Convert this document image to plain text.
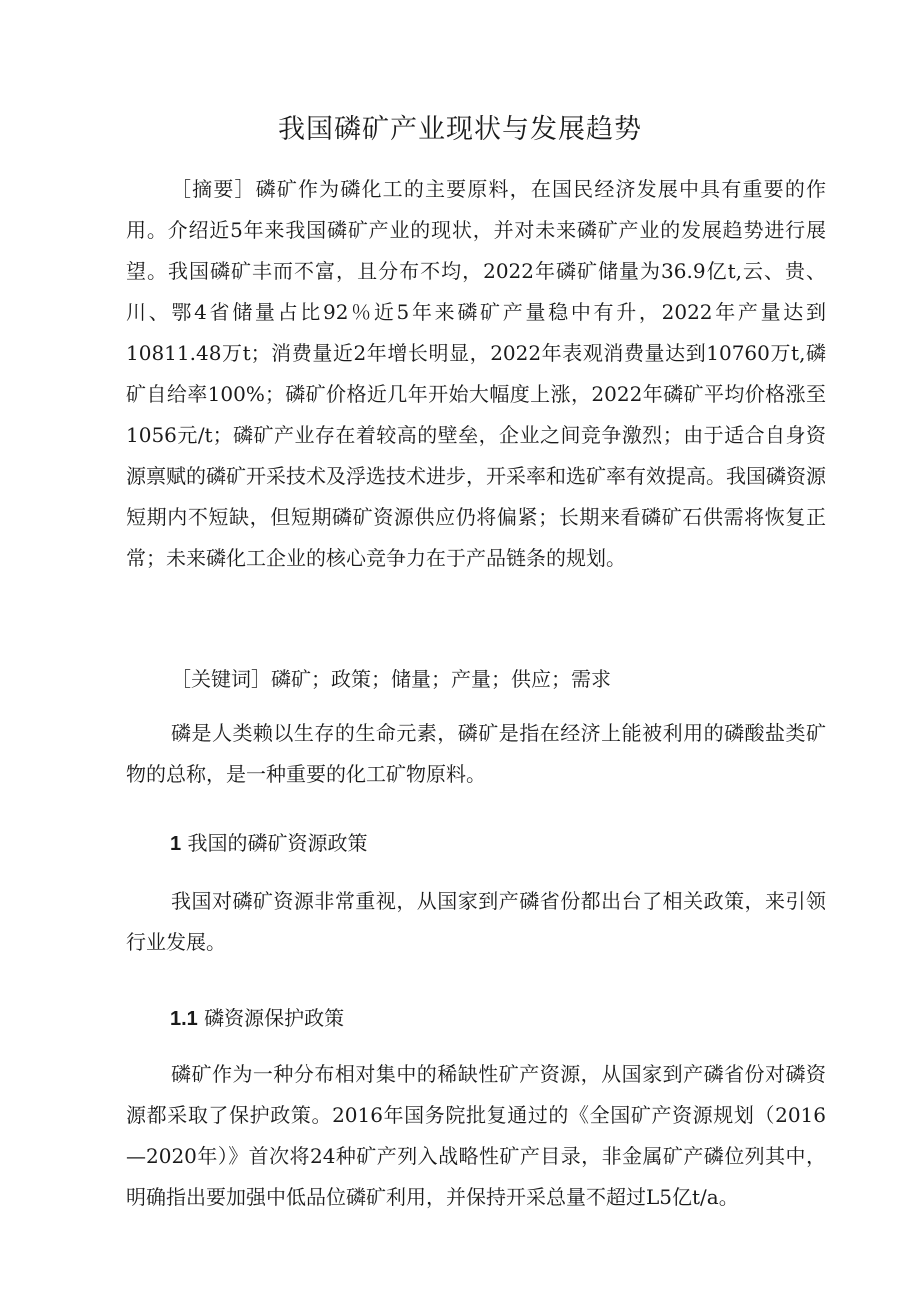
我国磷矿产业现状与发展趋势
［摘要］磷矿作为磷化工的主要原料，在国民经济发展中具有重要的作用。介绍近5年来我国磷矿产业的现状，并对未来磷矿产业的发展趋势进行展望。我国磷矿丰而不富，且分布不均，2022年磷矿储量为36.9亿t,云、贵、川、鄂4省储量占比92％近5年来磷矿产量稳中有升，2022年产量达到10811.48万t；消费量近2年增长明显，2022年表观消费量达到10760万t,磷矿自给率100%；磷矿价格近几年开始大幅度上涨，2022年磷矿平均价格涨至1056元/t；磷矿产业存在着较高的壁垒，企业之间竞争激烈；由于适合自身资源禀赋的磷矿开采技术及浮选技术进步，开采率和选矿率有效提高。我国磷资源短期内不短缺，但短期磷矿资源供应仍将偏紧；长期来看磷矿石供需将恢复正常；未来磷化工企业的核心竞争力在于产品链条的规划。
［关键词］磷矿；政策；储量；产量；供应；需求
磷是人类赖以生存的生命元素，磷矿是指在经济上能被利用的磷酸盐类矿物的总称，是一种重要的化工矿物原料。
1 我国的磷矿资源政策
我国对磷矿资源非常重视，从国家到产磷省份都出台了相关政策，来引领行业发展。
1.1 磷资源保护政策
磷矿作为一种分布相对集中的稀缺性矿产资源，从国家到产磷省份对磷资源都采取了保护政策。2016年国务院批复通过的《全国矿产资源规划（2016—2020年）》首次将24种矿产列入战略性矿产目录，非金属矿产磷位列其中，明确指出要加强中低品位磷矿利用，并保持开采总量不超过L5亿t∕a。
